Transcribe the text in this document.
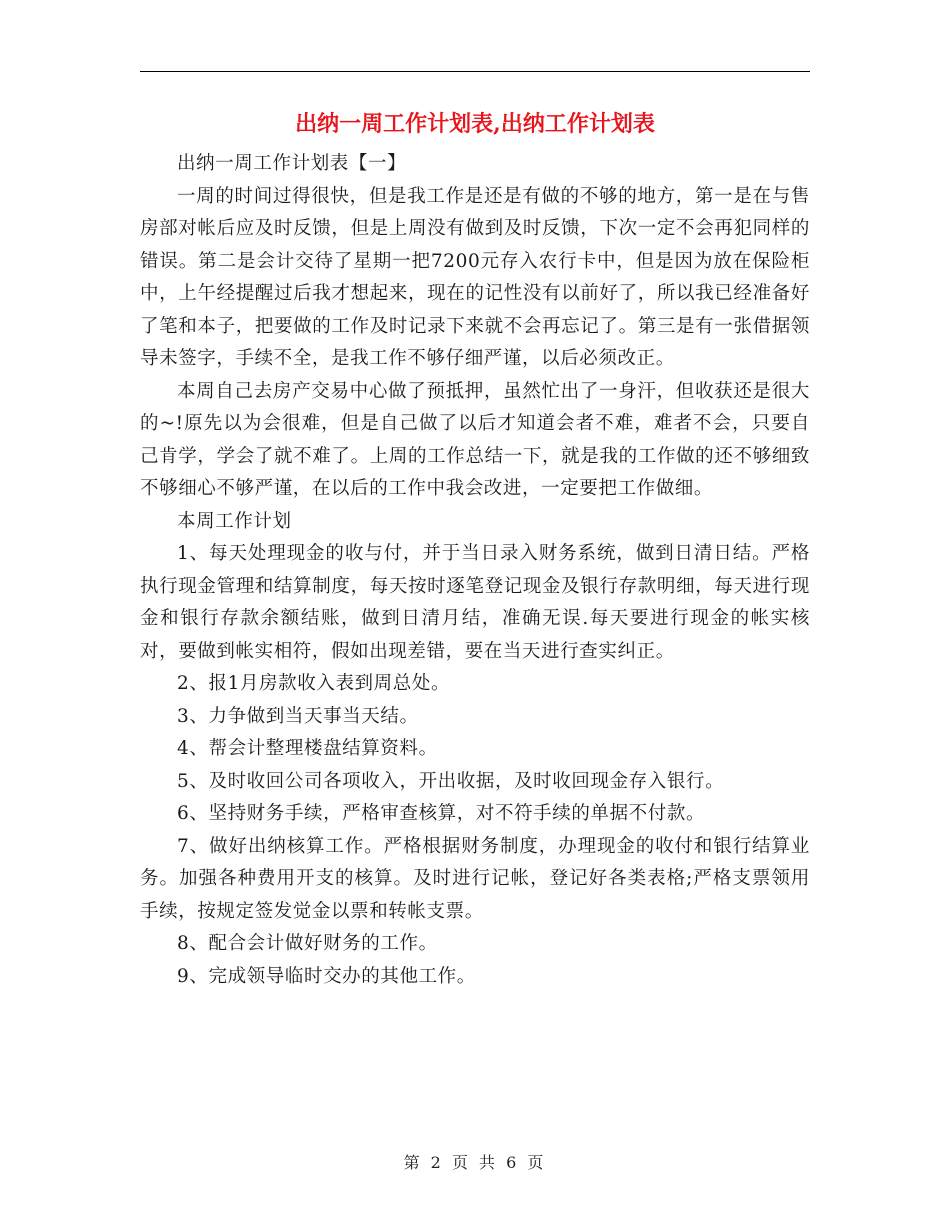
出纳一周工作计划表,出纳工作计划表

出纳一周工作计划表【一】

一周的时间过得很快，但是我工作是还是有做的不够的地方，第一是在与售房部对帐后应及时反馈，但是上周没有做到及时反馈，下次一定不会再犯同样的错误。第二是会计交待了星期一把7200元存入农行卡中，但是因为放在保险柜中，上午经提醒过后我才想起来，现在的记性没有以前好了，所以我已经准备好了笔和本子，把要做的工作及时记录下来就不会再忘记了。第三是有一张借据领导未签字，手续不全，是我工作不够仔细严谨，以后必须改正。

本周自己去房产交易中心做了预抵押，虽然忙出了一身汗，但收获还是很大的~!原先以为会很难，但是自己做了以后才知道会者不难，难者不会，只要自己肯学，学会了就不难了。上周的工作总结一下，就是我的工作做的还不够细致不够细心不够严谨，在以后的工作中我会改进，一定要把工作做细。

本周工作计划

1、每天处理现金的收与付，并于当日录入财务系统，做到日清日结。严格执行现金管理和结算制度，每天按时逐笔登记现金及银行存款明细，每天进行现金和银行存款余额结账，做到日清月结，准确无误.每天要进行现金的帐实核对，要做到帐实相符，假如出现差错，要在当天进行查实纠正。

2、报1月房款收入表到周总处。

3、力争做到当天事当天结。

4、帮会计整理楼盘结算资料。

5、及时收回公司各项收入，开出收据，及时收回现金存入银行。

6、坚持财务手续，严格审查核算，对不符手续的单据不付款。

7、做好出纳核算工作。严格根据财务制度，办理现金的收付和银行结算业务。加强各种费用开支的核算。及时进行记帐，登记好各类表格;严格支票领用手续，按规定签发觉金以票和转帐支票。

8、配合会计做好财务的工作。

9、完成领导临时交办的其他工作。

第 2 页 共 6 页
